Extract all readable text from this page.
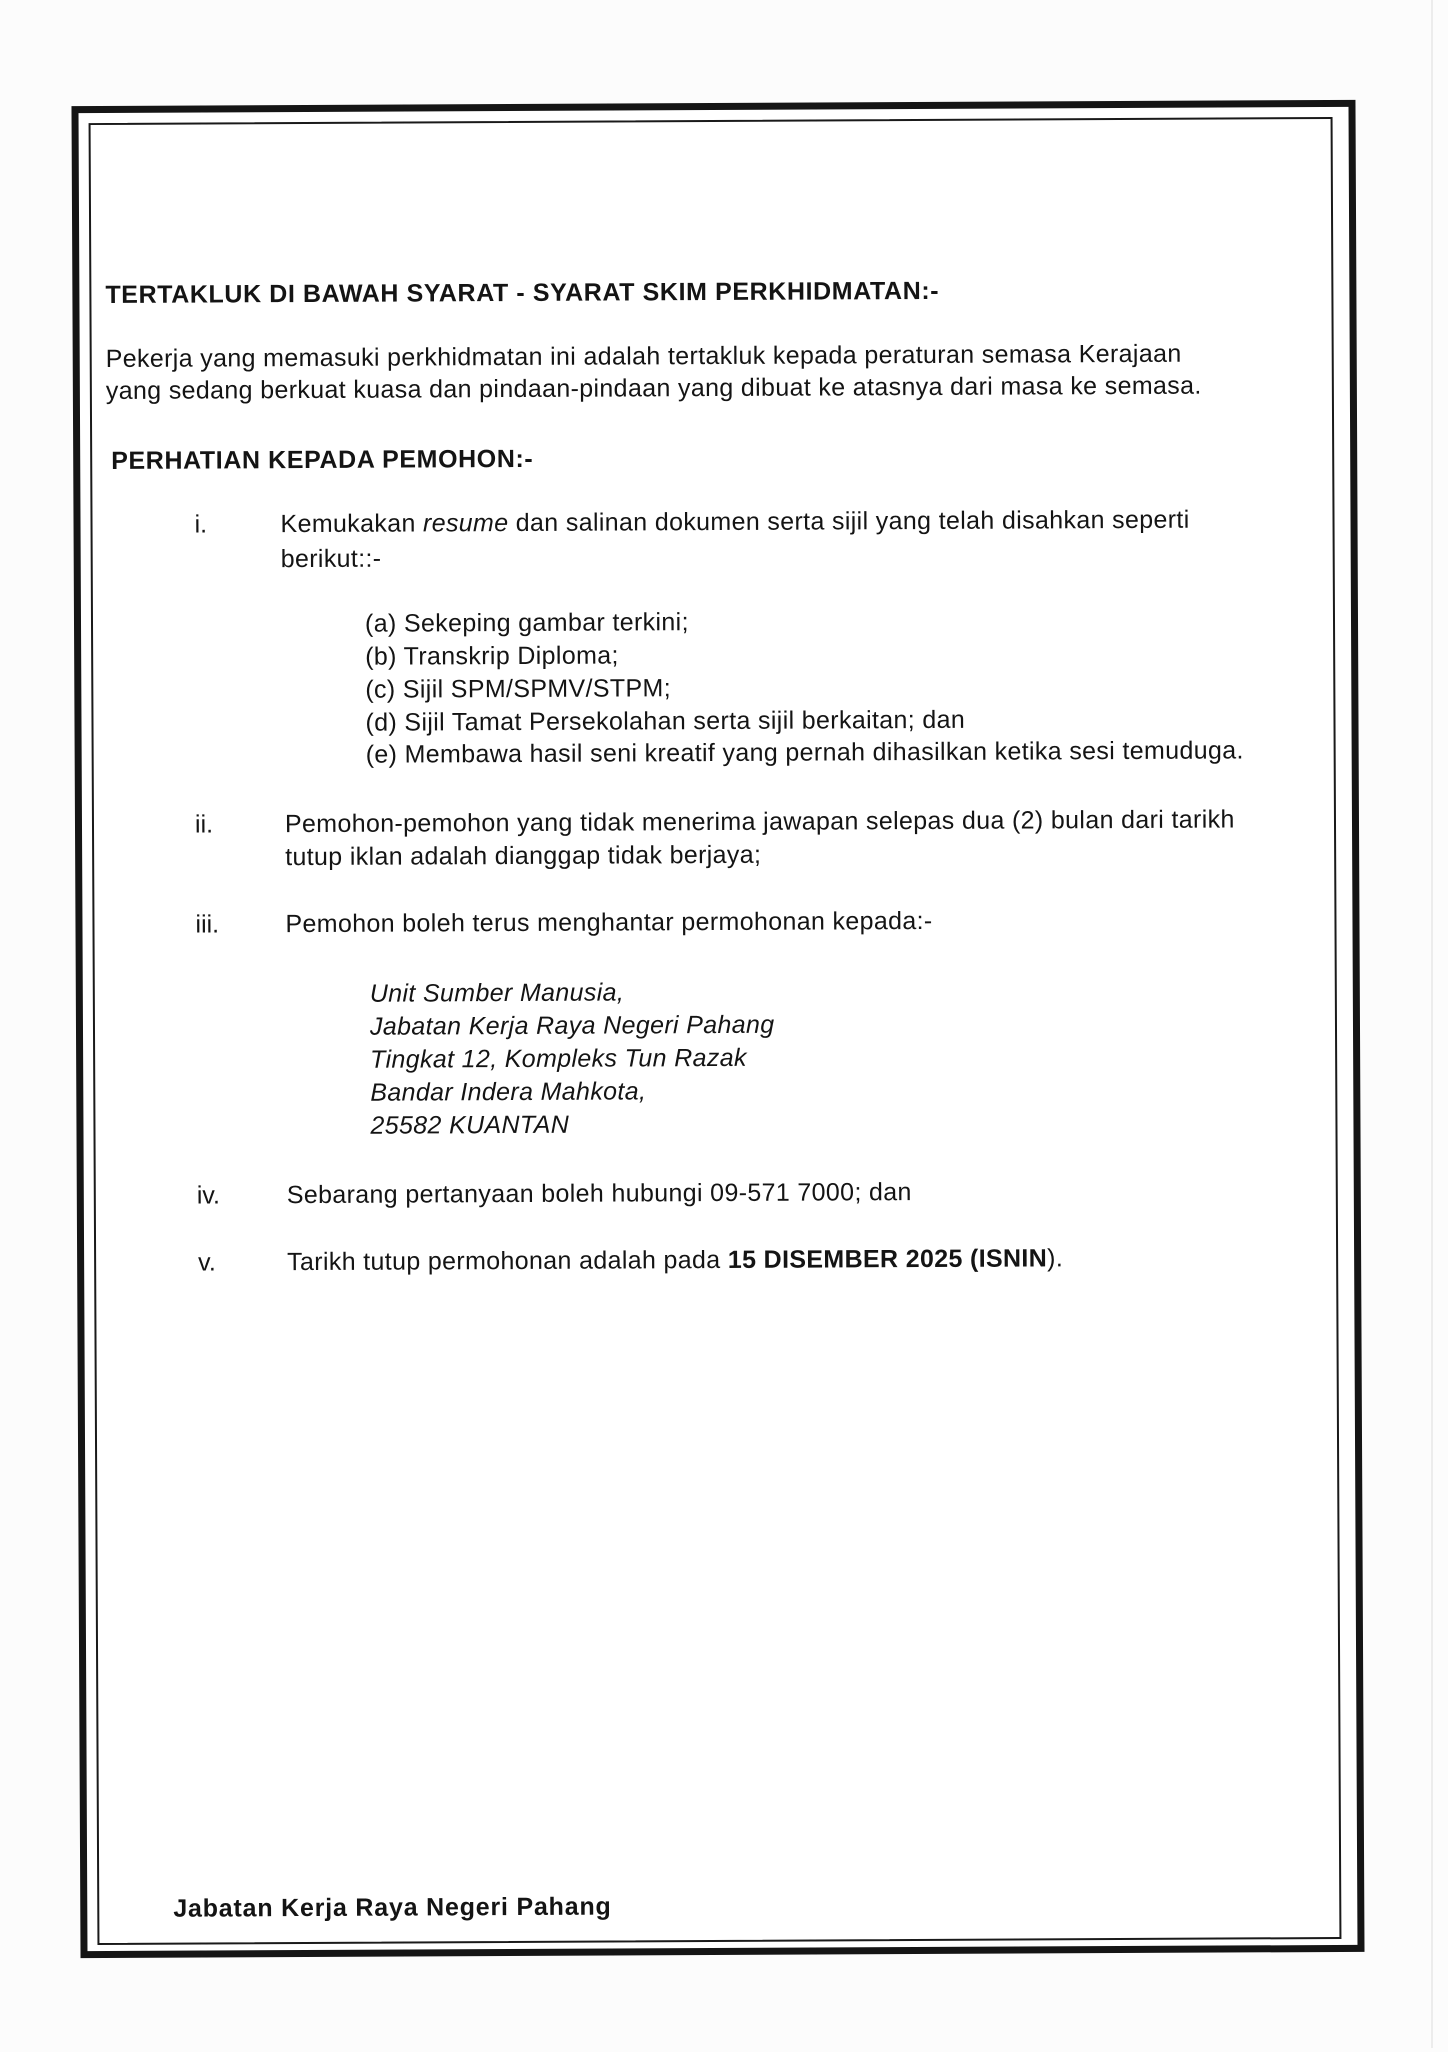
TERTAKLUK DI BAWAH SYARAT - SYARAT SKIM PERKHIDMATAN:-
Pekerja yang memasuki perkhidmatan ini adalah tertakluk kepada peraturan semasa Kerajaan
yang sedang berkuat kuasa dan pindaan-pindaan yang dibuat ke atasnya dari masa ke semasa.
PERHATIAN KEPADA PEMOHON:-
i.	Kemukakan resume dan salinan dokumen serta sijil yang telah disahkan seperti
berikut::-
(a) Sekeping gambar terkini;
(b) Transkrip Diploma;
(c) Sijil SPM/SPMV/STPM;
(d) Sijil Tamat Persekolahan serta sijil berkaitan; dan
(e) Membawa hasil seni kreatif yang pernah dihasilkan ketika sesi temuduga.
ii.	Pemohon-pemohon yang tidak menerima jawapan selepas dua (2) bulan dari tarikh
tutup iklan adalah dianggap tidak berjaya;
iii.	Pemohon boleh terus menghantar permohonan kepada:-
Unit Sumber Manusia,
Jabatan Kerja Raya Negeri Pahang
Tingkat 12, Kompleks Tun Razak
Bandar Indera Mahkota,
25582 KUANTAN
iv.	Sebarang pertanyaan boleh hubungi 09-571 7000; dan
v.	Tarikh tutup permohonan adalah pada 15 DISEMBER 2025 (ISNIN).
Jabatan Kerja Raya Negeri Pahang
